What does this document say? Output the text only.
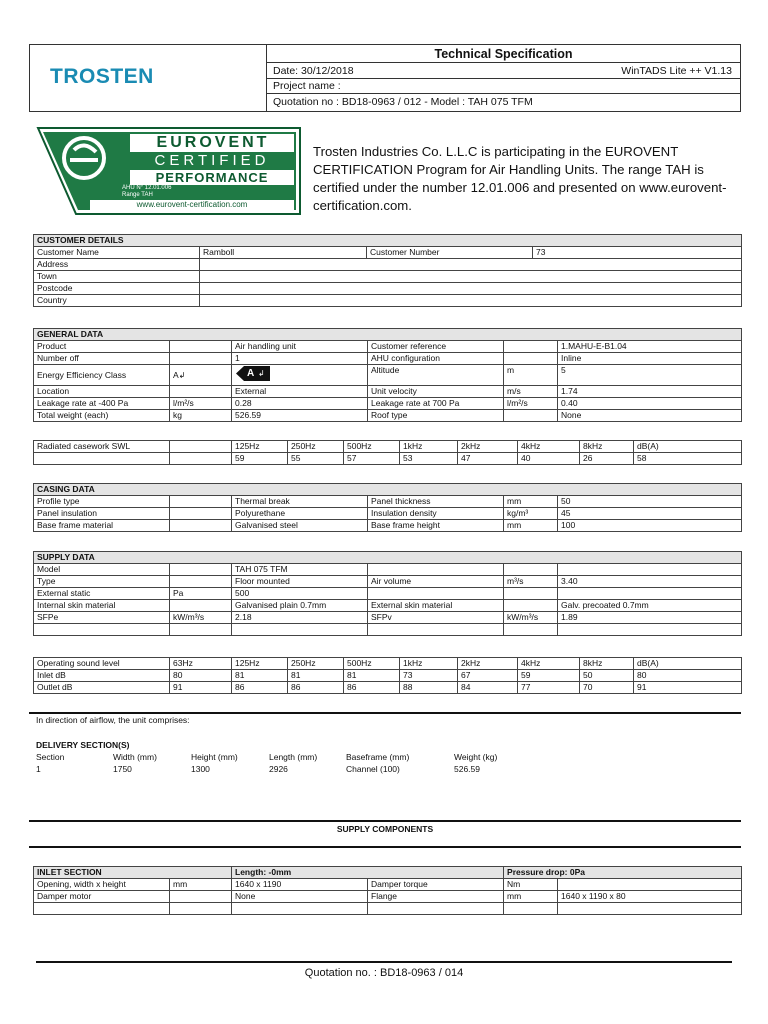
TROSTEN
Technical Specification
Date: 30/12/2018	WinTADS Lite ++ V1.13
Project name :
Quotation no : BD18-0963 / 012 - Model : TAH 075 TFM
EUROVENT
CERTIFIED
PERFORMANCE
AHU N° 12.01.006
Range TAH
www.eurovent-certification.com
Trosten Industries Co. L.L.C is participating in the EUROVENT CERTIFICATION Program for Air Handling Units. The range TAH is certified under the number 12.01.006 and presented on www.eurovent-certification.com.
CUSTOMER DETAILS			
Customer Name	Ramboll	Customer Number	73
Address			
Town			
Postcode			
Country			
GENERAL DATA					
Product		Air handling unit	Customer reference		1.MAHU-E-B1.04
Number off		1	AHU configuration		Inline
Energy Efficiency Class	A↲	A ↲	Altitude	m	5
Location		External	Unit velocity	m/s	1.74
Leakage rate at -400 Pa	l/m²/s	0.28	Leakage rate at 700 Pa	l/m²/s	0.40
Total weight (each)	kg	526.59	Roof type		None
Radiated casework SWL		125Hz	250Hz	500Hz	1kHz	2kHz	4kHz	8kHz	dB(A)
		59	55	57	53	47	40	26	58
CASING DATA					
Profile type		Thermal break	Panel thickness	mm	50
Panel insulation		Polyurethane	Insulation density	kg/m³	45
Base frame material		Galvanised steel	Base frame height	mm	100
SUPPLY DATA					
Model		TAH 075 TFM			
Type		Floor mounted	Air volume	m³/s	3.40
External static	Pa	500			
Internal skin material		Galvanised plain 0.7mm	External skin material		Galv. precoated 0.7mm
SFPe	kW/m³/s	2.18	SFPv	kW/m³/s	1.89

Operating sound level	63Hz	125Hz	250Hz	500Hz	1kHz	2kHz	4kHz	8kHz	dB(A)
Inlet dB	80	81	81	81	73	67	59	50	80
Outlet dB	91	86	86	86	88	84	77	70	91
In direction of airflow, the unit comprises:
DELIVERY SECTION(S)
Section	Width (mm)	Height (mm)	Length (mm)	Baseframe (mm)	Weight (kg)
1	1750	1300	2926	Channel (100)	526.59
SUPPLY COMPONENTS
INLET SECTION		Length: -0mm		Pressure drop: 0Pa	
Opening, width x height	mm	1640 x 1190	Damper torque	Nm	
Damper motor		None	Flange	mm	1640 x 1190 x 80

Quotation no. : BD18-0963 / 014
